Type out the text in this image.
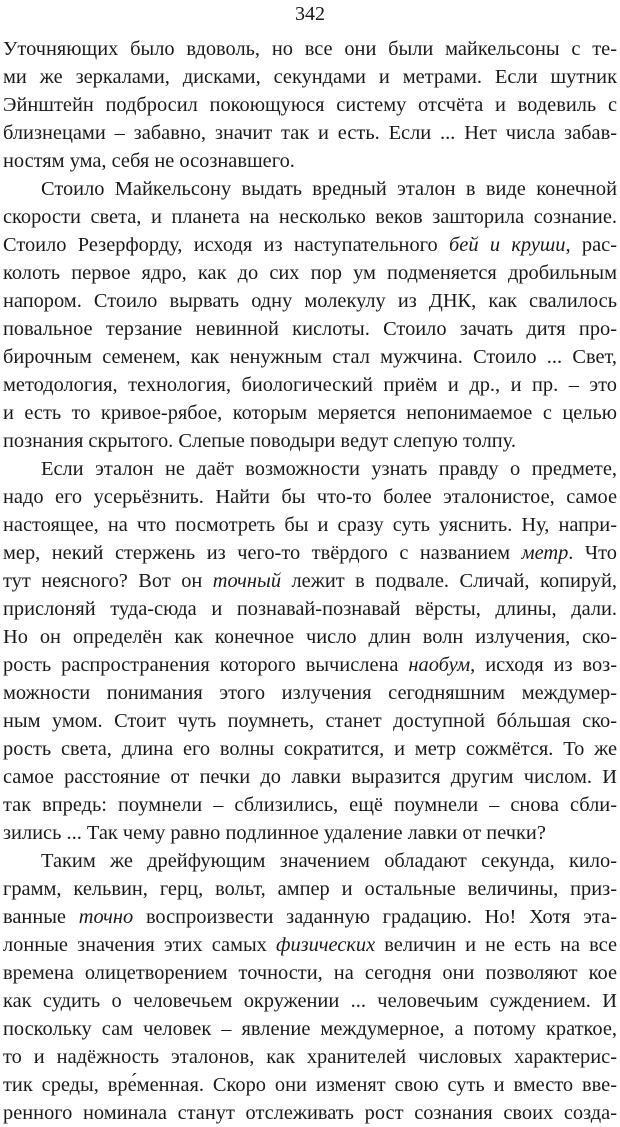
342
Уточняющих было вдоволь, но все они были майкельсоны с те-
ми же зеркалами, дисками, секундами и метрами. Если шутник
Эйнштейн подбросил покоющуюся систему отсчёта и водевиль с
близнецами – забавно, значит так и есть. Если ... Нет числа забав-
ностям ума, себя не осознавшего.
Стоило Майкельсону выдать вредный эталон в виде конечной
скорости света, и планета на несколько веков зашторила сознание.
Стоило Резерфорду, исходя из наступательного бей и круши, рас-
колоть первое ядро, как до сих пор ум подменяется дробильным
напором. Стоило вырвать одну молекулу из ДНК, как свалилось
повальное терзание невинной кислоты. Стоило зачать дитя про-
бирочным семенем, как ненужным стал мужчина. Стоило ... Свет,
методология, технология, биологический приём и др., и пр. – это
и есть то кривое-рябое, которым меряется непонимаемое с целью
познания скрытого. Слепые поводыри ведут слепую толпу.
Если эталон не даёт возможности узнать правду о предмете,
надо его усерьёзнить. Найти бы что-то более эталонистое, самое
настоящее, на что посмотреть бы и сразу суть уяснить. Ну, напри-
мер, некий стержень из чего-то твёрдого с названием метр. Что
тут неясного? Вот он точный лежит в подвале. Сличай, копируй,
прислоняй туда-сюда и познавай-познавай вёрсты, длины, дали.
Но он определён как конечное число длин волн излучения, ско-
рость распространения которого вычислена наобум, исходя из воз-
можности понимания этого излучения сегодняшним междумер-
ным умом. Стоит чуть поумнеть, станет доступной бóльшая ско-
рость света, длина его волны сократится, и метр сожмётся. То же
самое расстояние от печки до лавки выразится другим числом. И
так впредь: поумнели – сблизились, ещё поумнели – снова сбли-
зились ... Так чему равно подлинное удаление лавки от печки?
Таким же дрейфующим значением обладают секунда, кило-
грамм, кельвин, герц, вольт, ампер и остальные величины, приз-
ванные точно воспроизвести заданную градацию. Но! Хотя эта-
лонные значения этих самых физических величин и не есть на все
времена олицетворением точности, на сегодня они позволяют кое
как судить о человечьем окружении ... человечьим суждением. И
поскольку сам человек – явление междумерное, а потому краткое,
то и надёжность эталонов, как хранителей числовых характерис-
тик среды, вре́менная. Скоро они изменят свою суть и вместо вве-
ренного номинала станут отслеживать рост сознания своих созда-
